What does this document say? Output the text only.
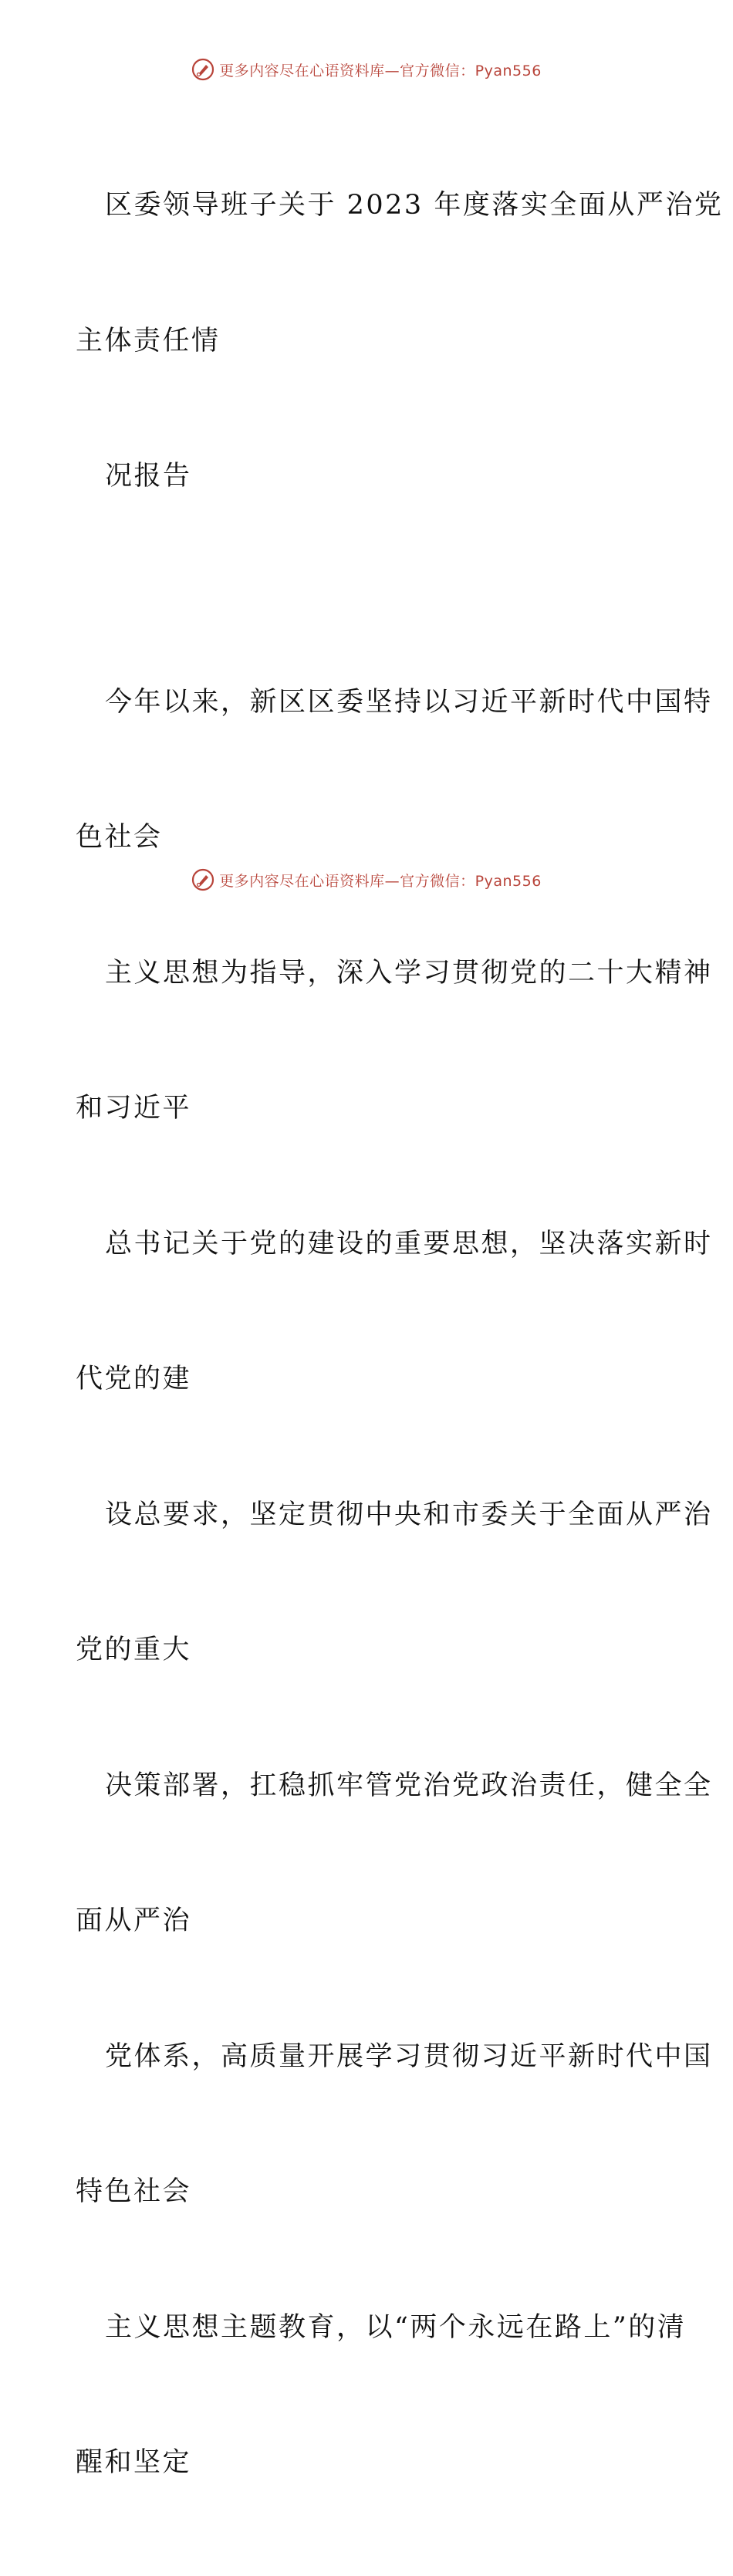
更多内容尽在心语资料库—官方微信：Pyan556

区委领导班子关于 2023 年度落实全面从严治党

主体责任情

况报告

今年以来，新区区委坚持以习近平新时代中国特

色社会

主义思想为指导，深入学习贯彻党的二十大精神

和习近平

总书记关于党的建设的重要思想，坚决落实新时

代党的建

设总要求，坚定贯彻中央和市委关于全面从严治

党的重大

决策部署，扛稳抓牢管党治党政治责任，健全全

面从严治

党体系，高质量开展学习贯彻习近平新时代中国

特色社会

主义思想主题教育，以“两个永远在路上”的清

醒和坚定

更多内容尽在心语资料库—官方微信：Pyan556
